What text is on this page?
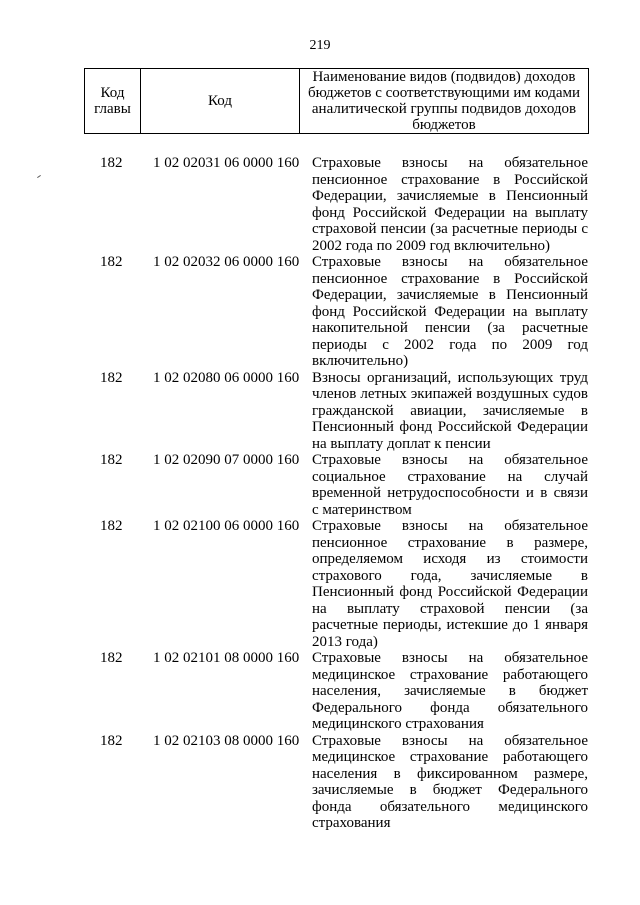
219
Код главы	Код	Наименование видов (подвидов) доходов бюджетов с соответствующими им кодами аналитической группы подвидов доходов бюджетов
182	1 02 02031 06 0000 160 Страховые взносы на обязательное пенсионное страхование в Российской Федерации, зачисляемые в Пенсионный фонд Российской Федерации на выплату страховой пенсии (за расчетные периоды с 2002 года по 2009 год включительно)
182	1 02 02032 06 0000 160 Страховые взносы на обязательное пенсионное страхование в Российской Федерации, зачисляемые в Пенсионный фонд Российской Федерации на выплату накопительной пенсии (за расчетные периоды с 2002 года по 2009 год включительно)
182	1 02 02080 06 0000 160 Взносы организаций, использующих труд членов летных экипажей воздушных судов гражданской авиации, зачисляемые в Пенсионный фонд Российской Федерации на выплату доплат к пенсии
182	1 02 02090 07 0000 160 Страховые взносы на обязательное социальное страхование на случай временной нетрудоспособности и в связи с материнством
182	1 02 02100 06 0000 160 Страховые взносы на обязательное пенсионное страхование в размере, определяемом исходя из стоимости страхового года, зачисляемые в Пенсионный фонд Российской Федерации на выплату страховой пенсии (за расчетные периоды, истекшие до 1 января 2013 года)
182	1 02 02101 08 0000 160 Страховые взносы на обязательное медицинское страхование работающего населения, зачисляемые в бюджет Федерального фонда обязательного медицинского страхования
182	1 02 02103 08 0000 160 Страховые взносы на обязательное медицинское страхование работающего населения в фиксированном размере, зачисляемые в бюджет Федерального фонда обязательного медицинского страхования
